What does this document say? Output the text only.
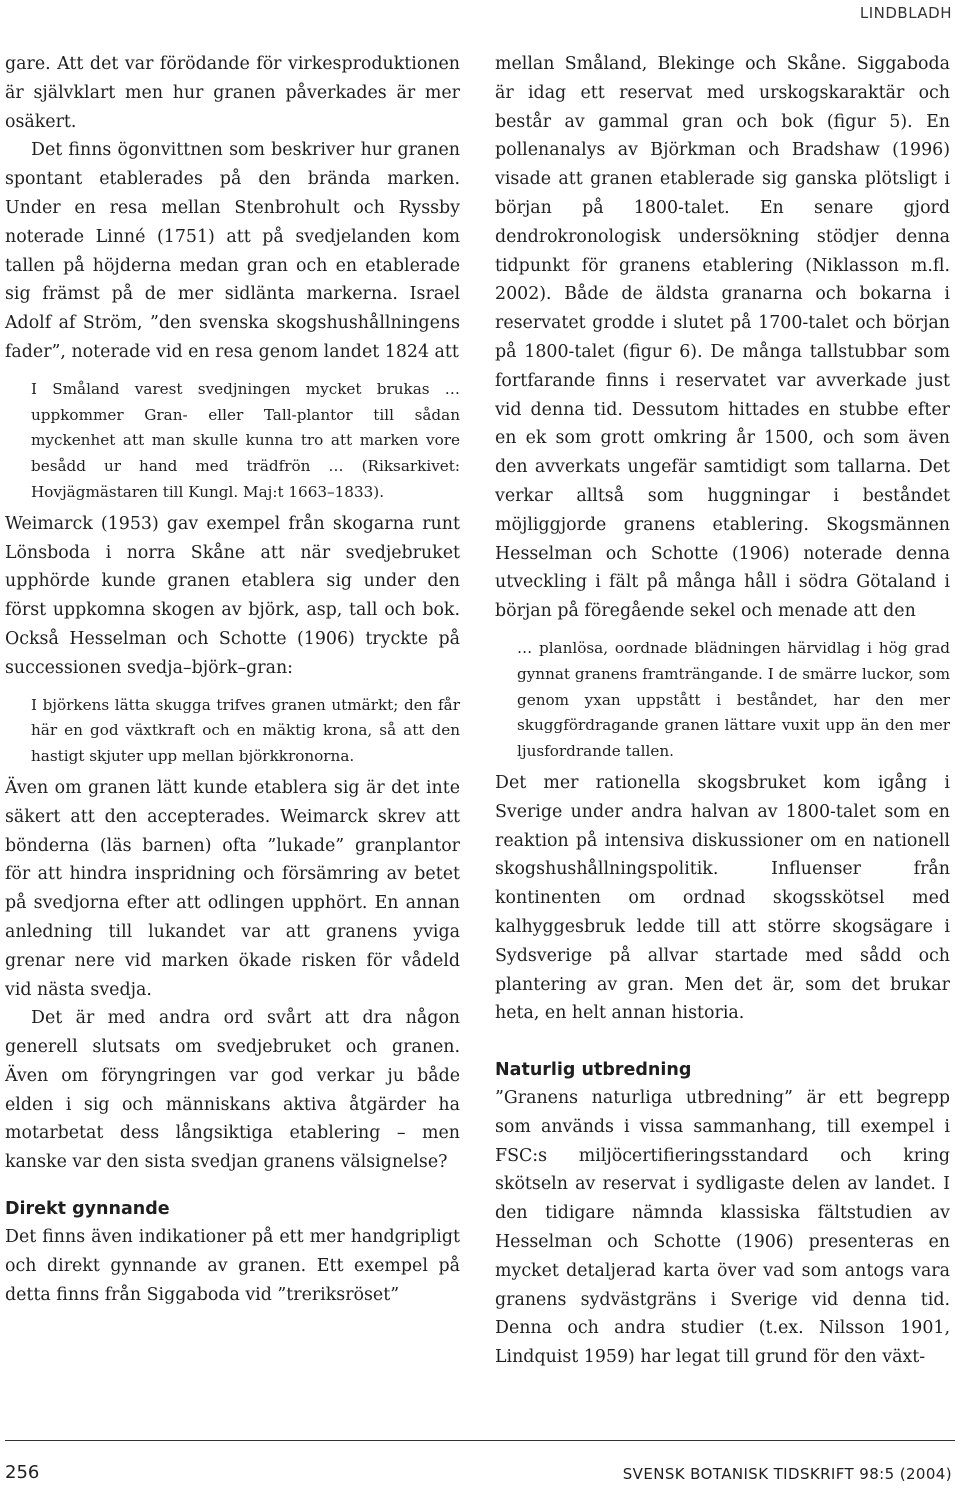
LINDBLADH

gare. Att det var förödande för virkesproduktionen är självklart men hur granen påverkades är mer osäkert.

Det finns ögonvittnen som beskriver hur granen spontant etablerades på den brända marken. Under en resa mellan Stenbrohult och Ryssby noterade Linné (1751) att på svedjelanden kom tallen på höjderna medan gran och en etablerade sig främst på de mer sidlänta markerna. Israel Adolf af Ström, ”den svenska skogshushållningens fader”, noterade vid en resa genom landet 1824 att

I Småland varest svedjningen mycket brukas … uppkommer Gran- eller Tall-plantor till sådan myckenhet att man skulle kunna tro att marken vore besådd ur hand med trädfrön … (Riksarkivet: Hovjägmästaren till Kungl. Maj:t 1663–1833).

Weimarck (1953) gav exempel från skogarna runt Lönsboda i norra Skåne att när svedjebruket upphörde kunde granen etablera sig under den först uppkomna skogen av björk, asp, tall och bok. Också Hesselman och Schotte (1906) tryckte på successionen svedja–björk–gran:

I björkens lätta skugga trifves granen utmärkt; den får här en god växtkraft och en mäktig krona, så att den hastigt skjuter upp mellan björkkronorna.

Även om granen lätt kunde etablera sig är det inte säkert att den accepterades. Weimarck skrev att bönderna (läs barnen) ofta ”lukade” granplantor för att hindra inspridning och försämring av betet på svedjorna efter att odlingen upphört. En annan anledning till lukandet var att granens yviga grenar nere vid marken ökade risken för vådeld vid nästa svedja.

Det är med andra ord svårt att dra någon generell slutsats om svedjebruket och granen. Även om föryngringen var god verkar ju både elden i sig och människans aktiva åtgärder ha motarbetat dess långsiktiga etablering – men kanske var den sista svedjan granens välsignelse?

Direkt gynnande

Det finns även indikationer på ett mer handgripligt och direkt gynnande av granen. Ett exempel på detta finns från Siggaboda vid ”treriksröset”

mellan Småland, Blekinge och Skåne. Siggaboda är idag ett reservat med urskogskaraktär och består av gammal gran och bok (figur 5). En pollenanalys av Björkman och Bradshaw (1996) visade att granen etablerade sig ganska plötsligt i början på 1800-talet. En senare gjord dendrokronologisk undersökning stödjer denna tidpunkt för granens etablering (Niklasson m.fl. 2002). Både de äldsta granarna och bokarna i reservatet grodde i slutet på 1700-talet och början på 1800-talet (figur 6). De många tallstubbar som fortfarande finns i reservatet var avverkade just vid denna tid. Dessutom hittades en stubbe efter en ek som grott omkring år 1500, och som även den avverkats ungefär samtidigt som tallarna. Det verkar alltså som huggningar i beståndet möjliggjorde granens etablering. Skogsmännen Hesselman och Schotte (1906) noterade denna utveckling i fält på många håll i södra Götaland i början på föregående sekel och menade att den

… planlösa, oordnade blädningen härvidlag i hög grad gynnat granens framträngande. I de smärre luckor, som genom yxan uppstått i beståndet, har den mer skuggfördragande granen lättare vuxit upp än den mer ljusfordrande tallen.

Det mer rationella skogsbruket kom igång i Sverige under andra halvan av 1800-talet som en reaktion på intensiva diskussioner om en nationell skogshushållningspolitik. Influenser från kontinenten om ordnad skogsskötsel med kalhyggesbruk ledde till att större skogsägare i Sydsverige på allvar startade med sådd och plantering av gran. Men det är, som det brukar heta, en helt annan historia.

Naturlig utbredning

”Granens naturliga utbredning” är ett begrepp som används i vissa sammanhang, till exempel i FSC:s miljöcertifieringsstandard och kring skötseln av reservat i sydligaste delen av landet. I den tidigare nämnda klassiska fältstudien av Hesselman och Schotte (1906) presenteras en mycket detaljerad karta över vad som antogs vara granens sydvästgräns i Sverige vid denna tid. Denna och andra studier (t.ex. Nilsson 1901, Lindquist 1959) har legat till grund för den växt-

256	SVENSK BOTANISK TIDSKRIFT 98:5 (2004)
